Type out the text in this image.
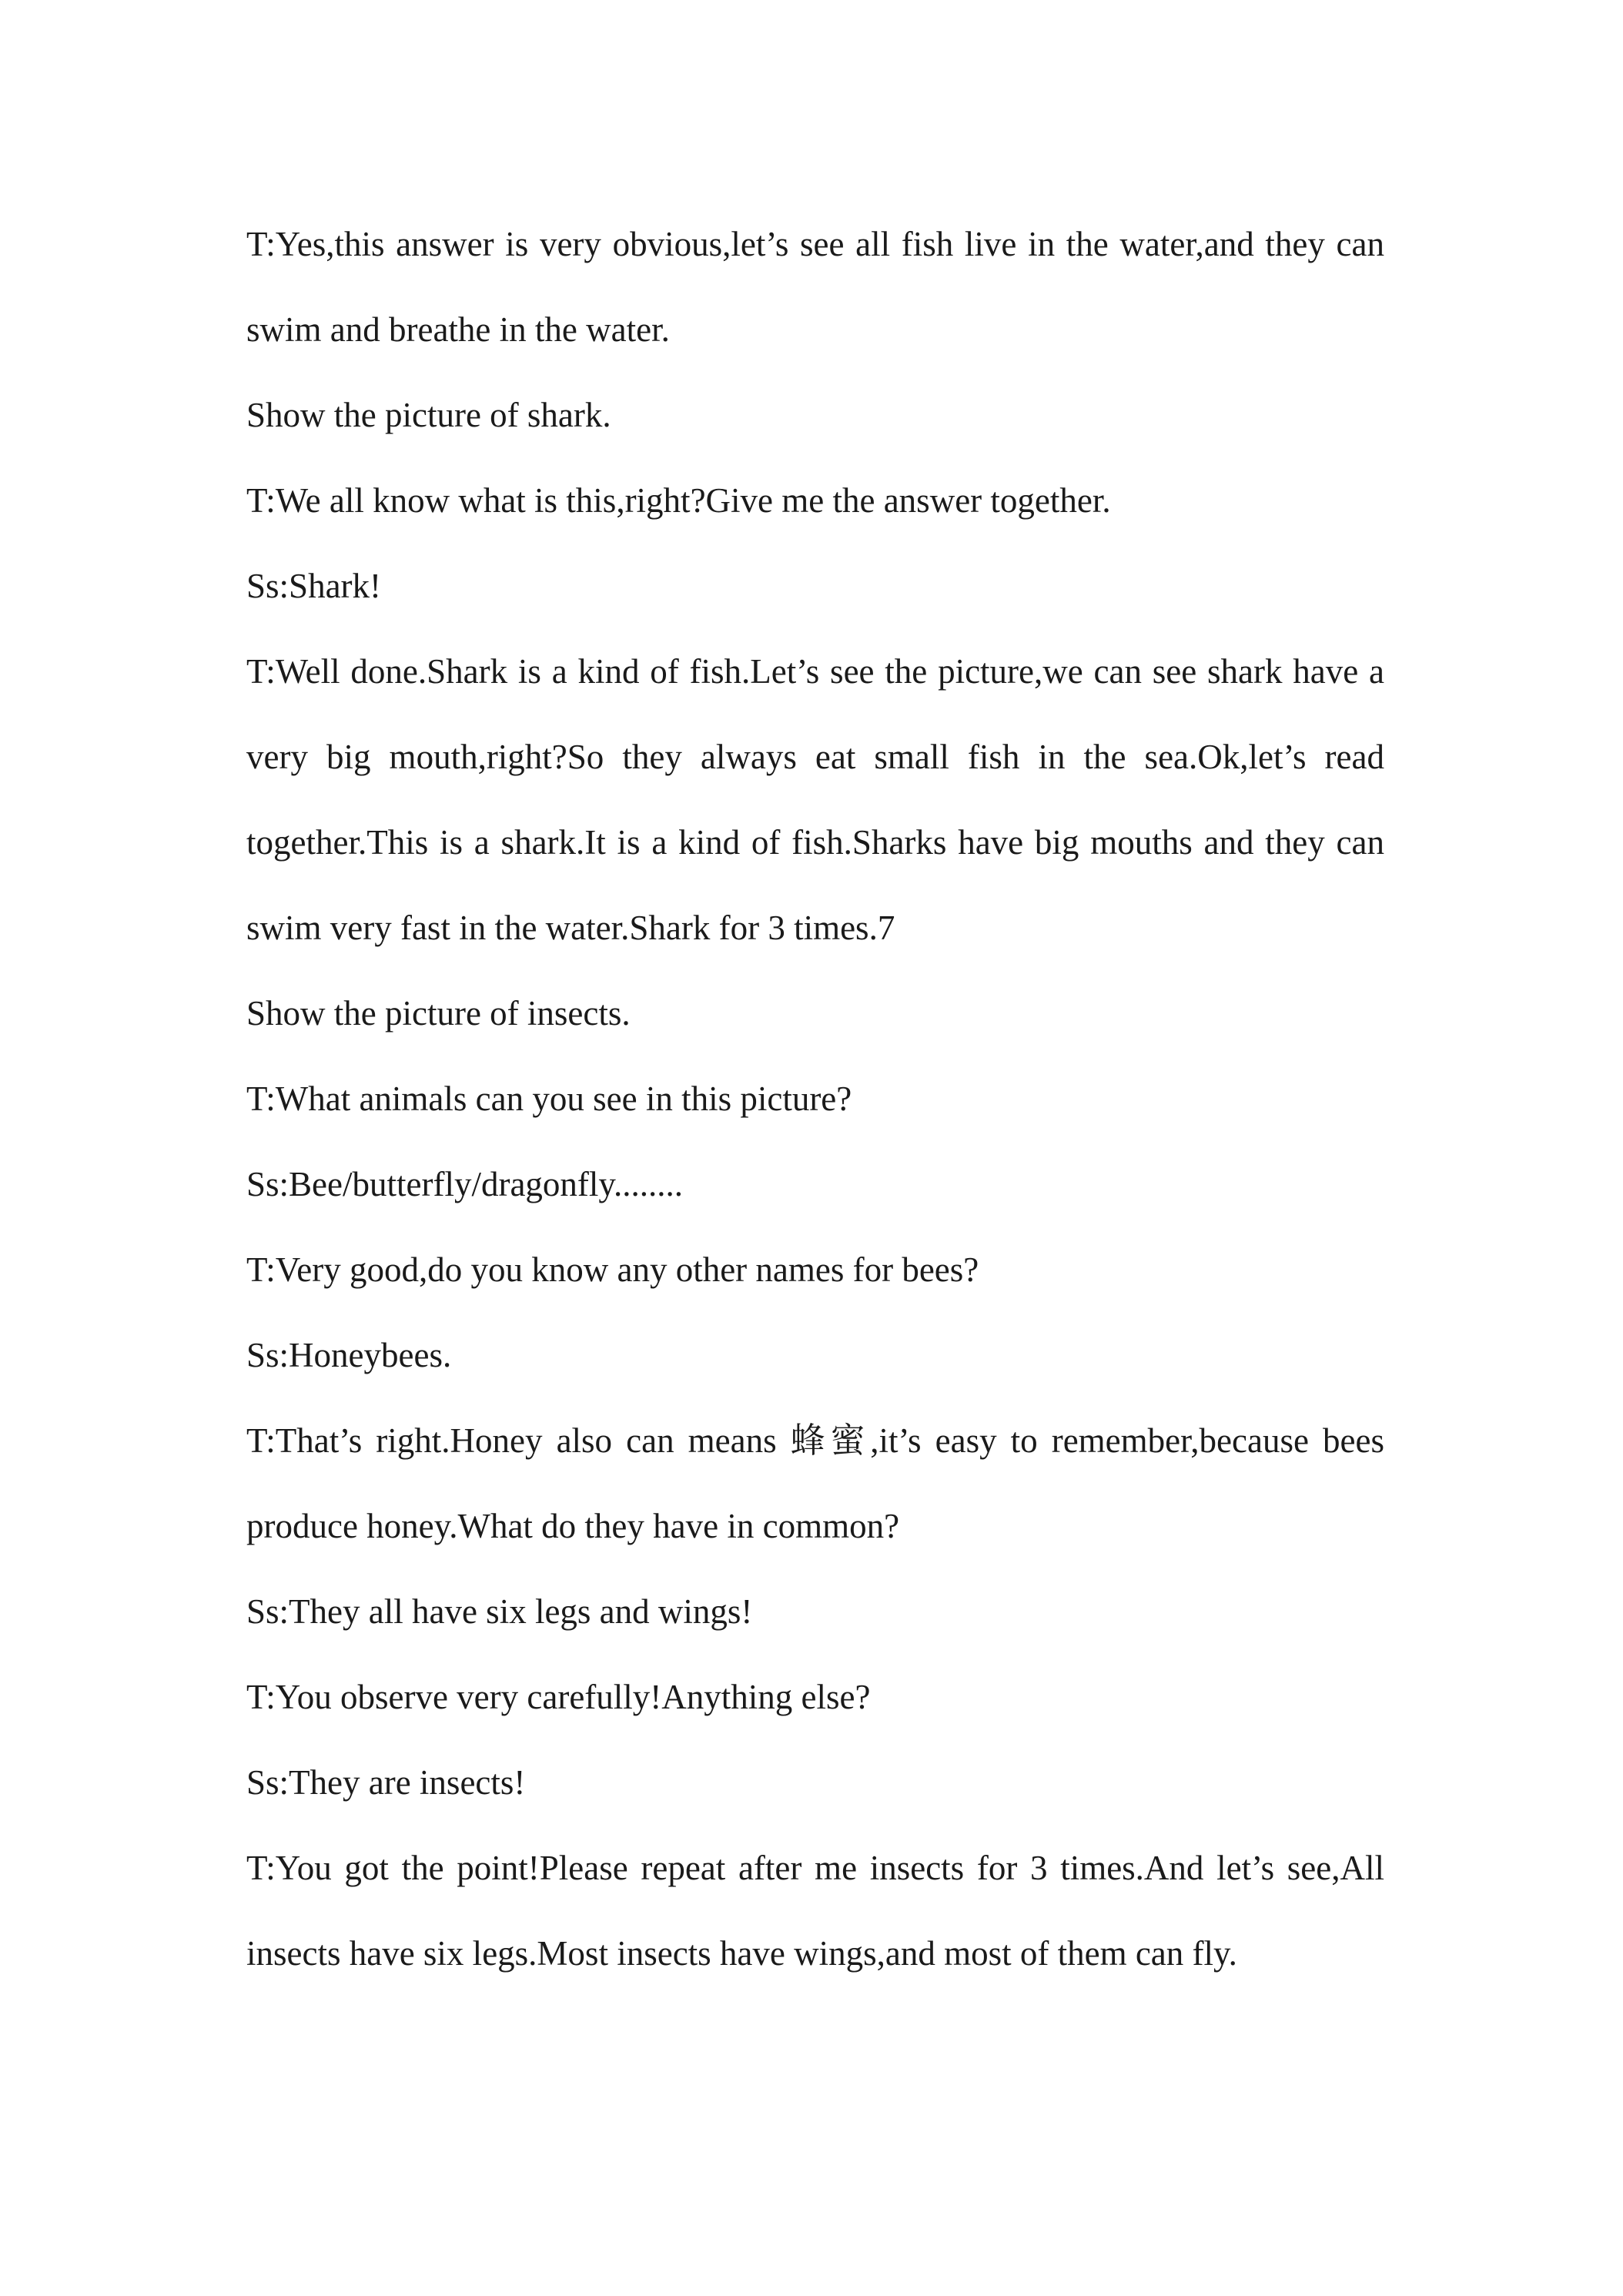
T:Yes,this answer is very obvious,let’s see all fish live in the water,and they can swim and breathe in the water.

Show the picture of shark.

T:We all know what is this,right?Give me the answer together.

Ss:Shark!

T:Well done.Shark is a kind of fish.Let’s see the picture,we can see shark have a very big mouth,right?So they always eat small fish in the sea.Ok,let’s read together.This is a shark.It is a kind of fish.Sharks have big mouths and they can swim very fast in the water.Shark for 3 times.7

Show the picture of insects.

T:What animals can you see in this picture?

Ss:Bee/butterfly/dragonfly........

T:Very good,do you know any other names for bees?

Ss:Honeybees.

T:That’s right.Honey also can means 蜂蜜,it’s easy to remember,because bees produce honey.What do they have in common?

Ss:They all have six legs and wings!

T:You observe very carefully!Anything else?

Ss:They are insects!

T:You got the point!Please repeat after me insects for 3 times.And let’s see,All insects have six legs.Most insects have wings,and most of them can fly.
